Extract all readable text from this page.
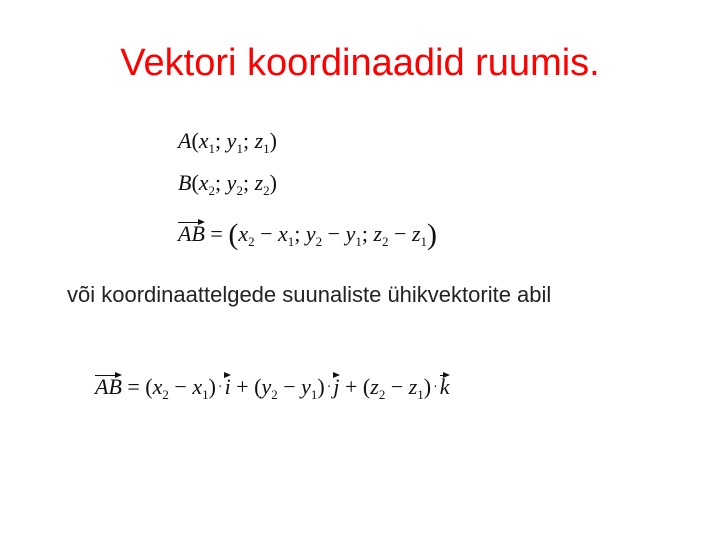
Vektori koordinaadid ruumis.
$A(x_1$; $y_1$; $z_1$)
$B(x_2$; $y_2$; $z_2$)
AB = ($x_2 - x_1$; $y_2 - y_1$; $z_2 - z_1$)
või koordinaattelgede suunaliste ühikvektorite abil
AB = $(x_2 - x_1) \cdot i + (y_2 - y_1) \cdot j + (z_2 - z_1) \cdot k$
